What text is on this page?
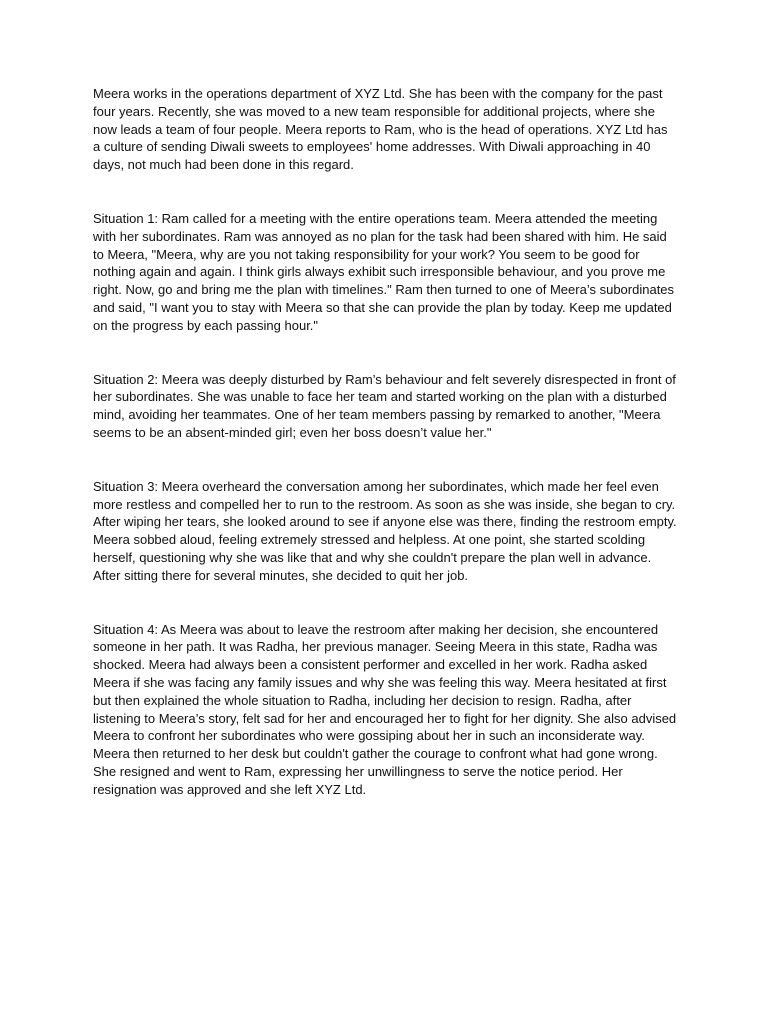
Meera works in the operations department of XYZ Ltd. She has been with the company for the past four years. Recently, she was moved to a new team responsible for additional projects, where she now leads a team of four people. Meera reports to Ram, who is the head of operations. XYZ Ltd has a culture of sending Diwali sweets to employees' home addresses. With Diwali approaching in 40 days, not much had been done in this regard.

Situation 1: Ram called for a meeting with the entire operations team. Meera attended the meeting with her subordinates. Ram was annoyed as no plan for the task had been shared with him. He said to Meera, "Meera, why are you not taking responsibility for your work? You seem to be good for nothing again and again. I think girls always exhibit such irresponsible behaviour, and you prove me right. Now, go and bring me the plan with timelines." Ram then turned to one of Meera’s subordinates and said, "I want you to stay with Meera so that she can provide the plan by today. Keep me updated on the progress by each passing hour."

Situation 2: Meera was deeply disturbed by Ram’s behaviour and felt severely disrespected in front of her subordinates. She was unable to face her team and started working on the plan with a disturbed mind, avoiding her teammates. One of her team members passing by remarked to another, "Meera seems to be an absent-minded girl; even her boss doesn’t value her."

Situation 3: Meera overheard the conversation among her subordinates, which made her feel even more restless and compelled her to run to the restroom. As soon as she was inside, she began to cry. After wiping her tears, she looked around to see if anyone else was there, finding the restroom empty. Meera sobbed aloud, feeling extremely stressed and helpless. At one point, she started scolding herself, questioning why she was like that and why she couldn't prepare the plan well in advance. After sitting there for several minutes, she decided to quit her job.

Situation 4: As Meera was about to leave the restroom after making her decision, she encountered someone in her path. It was Radha, her previous manager. Seeing Meera in this state, Radha was shocked. Meera had always been a consistent performer and excelled in her work. Radha asked Meera if she was facing any family issues and why she was feeling this way. Meera hesitated at first but then explained the whole situation to Radha, including her decision to resign. Radha, after listening to Meera’s story, felt sad for her and encouraged her to fight for her dignity. She also advised Meera to confront her subordinates who were gossiping about her in such an inconsiderate way. Meera then returned to her desk but couldn't gather the courage to confront what had gone wrong. She resigned and went to Ram, expressing her unwillingness to serve the notice period. Her resignation was approved and she left XYZ Ltd.
